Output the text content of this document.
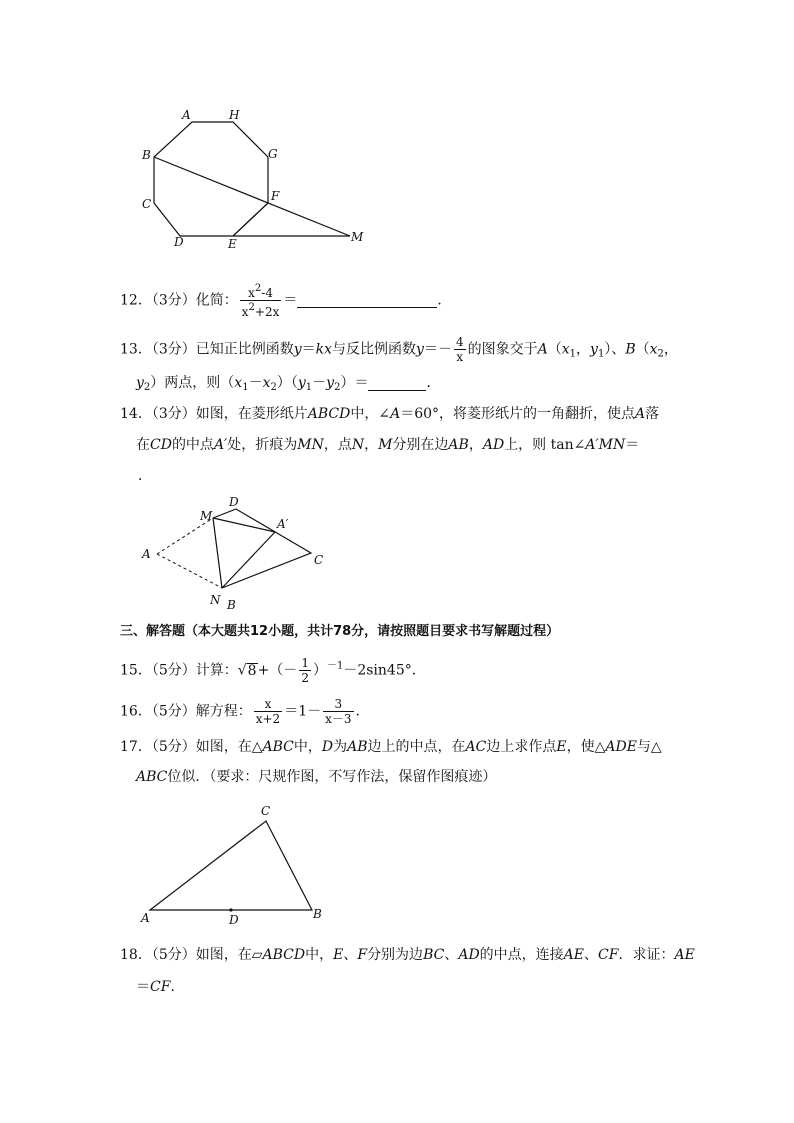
A	H
B	G
F
C
D	E	M
12．（3分）化简： $\frac{x^2-4}{x^2+2x}$ ＝	．
13．（3分）已知正比例函数y＝kx与反比例函数$y=- \frac{4}{x}$ 的图象交于$A(x_1$，$y_1$）、$B(x_2$，
$y_2$）两点，则$(x_1-x_2)(y_1-y_2)=$	．
14．（3分）如图，在菱形纸片ABCD中，∠A＝60°，将菱形纸片的一角翻折，使点A落
在CD的中点A′处，折痕为MN，点N，M分别在边AB，AD上，则 tan∠A′MN＝
．
D
M
A′
A	C
N B
三、解答题（本大题共12小题，共计78分，请按照题目要求书写解题过程）
15．（5分）计算：$√8+(- \frac{1}{2} )^{-1}-2\sin 45^\circ$．
16．（5分）解方程： $\frac{x}{x+2} =1- \frac{3}{x-3}$ ．
17．（5分）如图，在△ABC中，D为AB边上的中点，在AC边上求作点E，使△ADE与△
ABC位似．（要求：尺规作图，不写作法，保留作图痕迹）
C
A	D	B
18．（5分）如图，在▱ABCD中，E、F分别为边BC、AD的中点，连接AE、CF．求证：AE
＝CF．
